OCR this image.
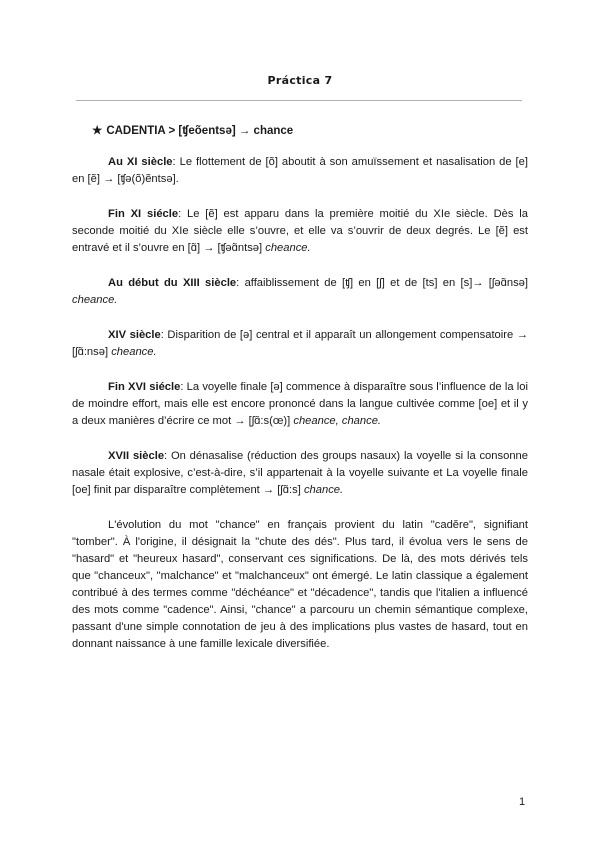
Práctica 7
★ CADENTIA > [ʧeõentsə] → chance

Au XI siècle: Le flottement de [õ] aboutit à son amuïssement et nasalisation de [e] en [ẽ] → [ʧə(õ)ẽntsə].

Fin XI siécle: Le [ẽ] est apparu dans la première moitié du XIe siècle. Dès la seconde moitié du XIe siècle elle s’ouvre, et elle va s’ouvrir de deux degrés. Le [ẽ] est entravé et il s’ouvre en [ɑ̃] → [ʧəɑ̃ntsə] cheance.

Au début du XIII siècle: affaiblissement de [ʧ] en [ʃ] et de [ts] en [s]→ [ʃəɑ̃nsə] cheance.

XIV siècle: Disparition de [ə] central et il apparaît un allongement compensatoire → [ʃɑ̃:nsə] cheance.

Fin XVI siécle: La voyelle finale [ə] commence à disparaître sous l’influence de la loi de moindre effort, mais elle est encore prononcé dans la langue cultivée comme [oe] et il y a deux manières d’écrire ce mot → [ʃɑ̃:s(œ)] cheance, chance.

XVII siècle: On dénasalise (réduction des groups nasaux) la voyelle si la consonne nasale était explosive, c’est-à-dire, s’il appartenait à la voyelle suivante et La voyelle finale [oe] finit par disparaître complètement → [ʃɑ̃:s] chance.

L'évolution du mot "chance" en français provient du latin "cadĕre", signifiant "tomber". À l'origine, il désignait la "chute des dés". Plus tard, il évolua vers le sens de "hasard" et "heureux hasard", conservant ces significations. De là, des mots dérivés tels que "chanceux", "malchance" et "malchanceux" ont émergé. Le latin classique a également contribué à des termes comme "déchéance" et "décadence", tandis que l'italien a influencé des mots comme "cadence". Ainsi, "chance" a parcouru un chemin sémantique complexe, passant d'une simple connotation de jeu à des implications plus vastes de hasard, tout en donnant naissance à une famille lexicale diversifiée.

1
